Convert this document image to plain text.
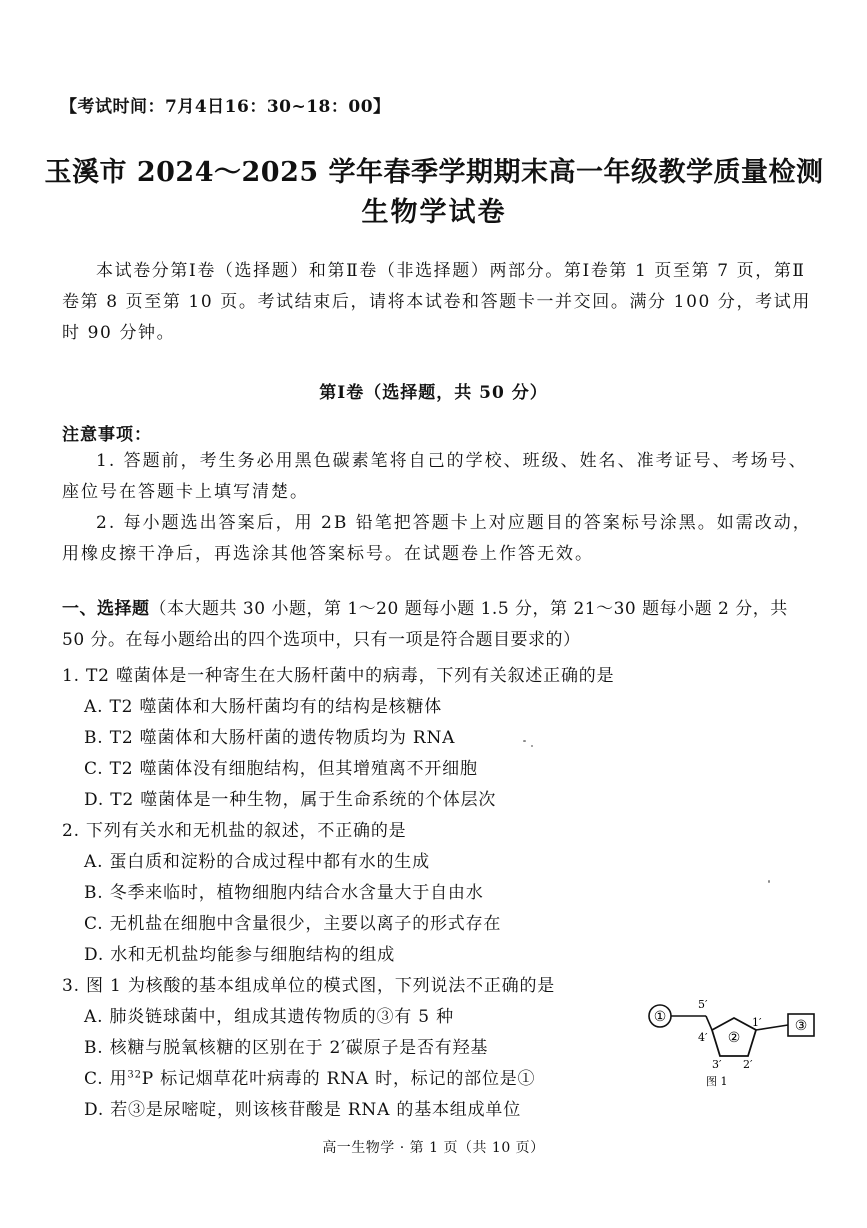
【考试时间：7月4日16：30~18：00】
玉溪市 2024～2025 学年春季学期期末高一年级教学质量检测
生物学试卷
本试卷分第Ⅰ卷（选择题）和第Ⅱ卷（非选择题）两部分。第Ⅰ卷第 1 页至第 7 页，第Ⅱ卷第 8 页至第 10 页。考试结束后，请将本试卷和答题卡一并交回。满分 100 分，考试用时 90 分钟。
第Ⅰ卷（选择题，共 50 分）
注意事项：
1. 答题前，考生务必用黑色碳素笔将自己的学校、班级、姓名、准考证号、考场号、座位号在答题卡上填写清楚。
2. 每小题选出答案后，用 2B 铅笔把答题卡上对应题目的答案标号涂黑。如需改动，用橡皮擦干净后，再选涂其他答案标号。在试题卷上作答无效。
一、选择题（本大题共 30 小题，第 1～20 题每小题 1.5 分，第 21～30 题每小题 2 分，共 50 分。在每小题给出的四个选项中，只有一项是符合题目要求的）
1. T2 噬菌体是一种寄生在大肠杆菌中的病毒，下列有关叙述正确的是
A. T2 噬菌体和大肠杆菌均有的结构是核糖体
B. T2 噬菌体和大肠杆菌的遗传物质均为 RNA
C. T2 噬菌体没有细胞结构，但其增殖离不开细胞
D. T2 噬菌体是一种生物，属于生命系统的个体层次
2. 下列有关水和无机盐的叙述，不正确的是
A. 蛋白质和淀粉的合成过程中都有水的生成
B. 冬季来临时，植物细胞内结合水含量大于自由水
C. 无机盐在细胞中含量很少，主要以离子的形式存在
D. 水和无机盐均能参与细胞结构的组成
3. 图 1 为核酸的基本组成单位的模式图，下列说法不正确的是
A. 肺炎链球菌中，组成其遗传物质的③有 5 种
B. 核糖与脱氧核糖的区别在于 2′碳原子是否有羟基
C. 用$^{32}$P 标记烟草花叶病毒的 RNA 时，标记的部位是①
D. 若③是尿嘧啶，则该核苷酸是 RNA 的基本组成单位
①
②
③
5′
4′
1′
3′ 2′
图 1
高一生物学 · 第 1 页（共 10 页）
